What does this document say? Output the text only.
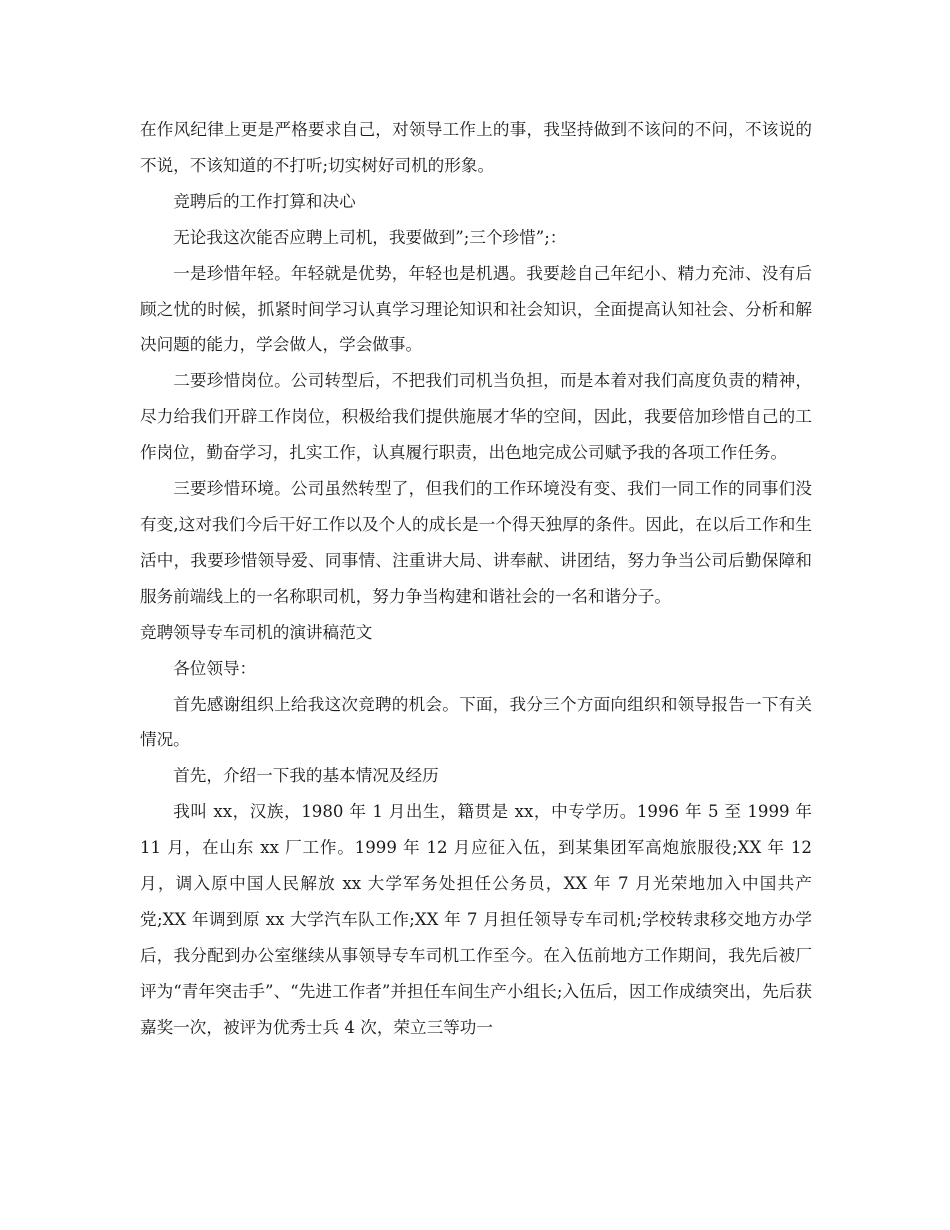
在作风纪律上更是严格要求自己，对领导工作上的事，我坚持做到不该问的不问，不该说的不说，不该知道的不打听;切实树好司机的形象。

竞聘后的工作打算和决心

无论我这次能否应聘上司机，我要做到”;三个珍惜”;：

一是珍惜年轻。年轻就是优势，年轻也是机遇。我要趁自己年纪小、精力充沛、没有后顾之忧的时候，抓紧时间学习认真学习理论知识和社会知识，全面提高认知社会、分析和解决问题的能力，学会做人，学会做事。

二要珍惜岗位。公司转型后，不把我们司机当负担，而是本着对我们高度负责的精神，尽力给我们开辟工作岗位，积极给我们提供施展才华的空间，因此，我要倍加珍惜自己的工作岗位，勤奋学习，扎实工作，认真履行职责，出色地完成公司赋予我的各项工作任务。

三要珍惜环境。公司虽然转型了，但我们的工作环境没有变、我们一同工作的同事们没有变,这对我们今后干好工作以及个人的成长是一个得天独厚的条件。因此，在以后工作和生活中，我要珍惜领导爱、同事情、注重讲大局、讲奉献、讲团结，努力争当公司后勤保障和服务前端线上的一名称职司机，努力争当构建和谐社会的一名和谐分子。

竞聘领导专车司机的演讲稿范文

各位领导：

首先感谢组织上给我这次竞聘的机会。下面，我分三个方面向组织和领导报告一下有关情况。

首先，介绍一下我的基本情况及经历

我叫 xx，汉族，1980 年 1 月出生，籍贯是 xx，中专学历。1996 年 5 至 1999 年 11 月，在山东 xx 厂工作。1999 年 12 月应征入伍，到某集团军高炮旅服役;XX 年 12 月，调入原中国人民解放 xx 大学军务处担任公务员，XX 年 7 月光荣地加入中国共产党;XX 年调到原 xx 大学汽车队工作;XX 年 7 月担任领导专车司机;学校转隶移交地方办学后，我分配到办公室继续从事领导专车司机工作至今。在入伍前地方工作期间，我先后被厂评为“青年突击手”、“先进工作者”并担任车间生产小组长;入伍后，因工作成绩突出，先后获嘉奖一次，被评为优秀士兵 4 次，荣立三等功一
